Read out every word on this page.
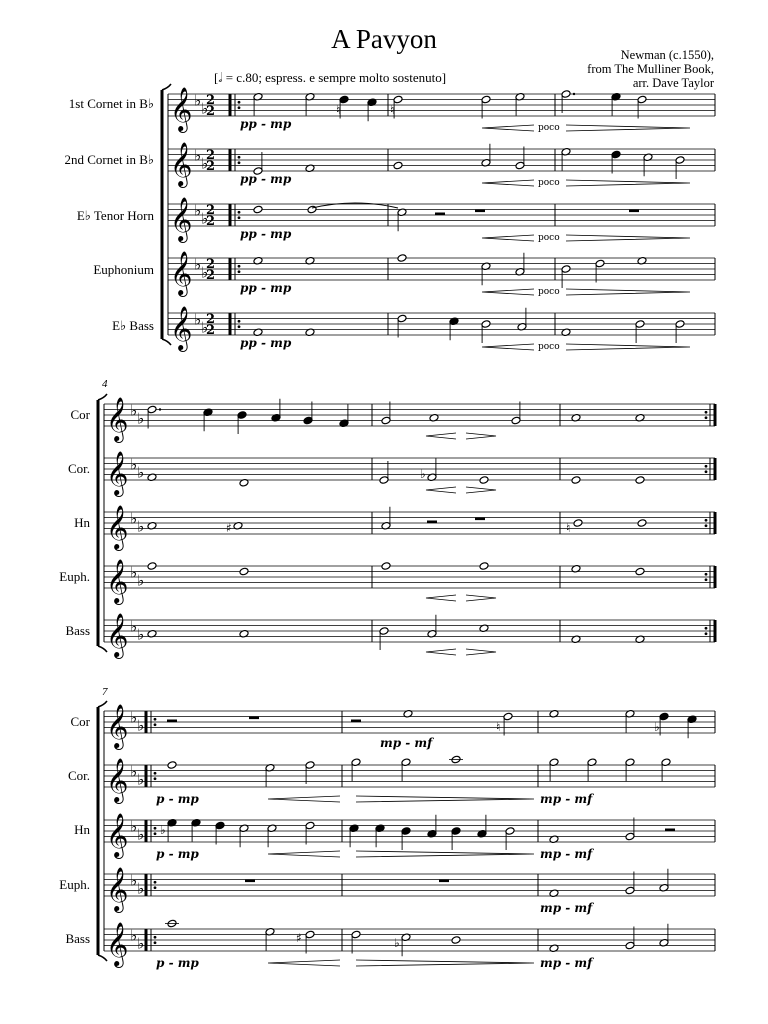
A Pavyon
Newman (c.1550),
from The Mulliner Book,
arr. Dave Taylor
[𝅗𝅥 = c.80; espress. e sempre molto sostenuto]
1st Cornet in B♭
2nd Cornet in B♭
E♭ Tenor Horn
Euphonium
E♭ Bass
Cor
Cor.
Hn
Euph.
Bass
Cor
Cor.
Hn
Euph.
Bass
4
7
𝄞 ♭ ♭
2
2
𝄞 ♭ ♭
2
2
𝄞 ♭ ♭
2
2
𝄞 ♭ ♭
2
2
𝄞 ♭ ♭
2
2
♮	♮
pp - mp	poco
pp - mp	poco
pp - mp	poco
pp - mp	poco
pp - mp	poco
𝄞 ♭ ♭
𝄞 ♭ ♭
𝄞 ♭ ♭
𝄞 ♭ ♭
𝄞 ♭ ♭
♭
♯	♮
𝄞 ♭ ♭
𝄞 ♭ ♭
𝄞 ♭ ♭
𝄞 ♭ ♭
𝄞 ♭ ♭
♮	♭
mp - mf
p - mp	mp - mf
♭
p - mp	mp - mf
mp - mf
♯	♭
p - mp	mp - mf
